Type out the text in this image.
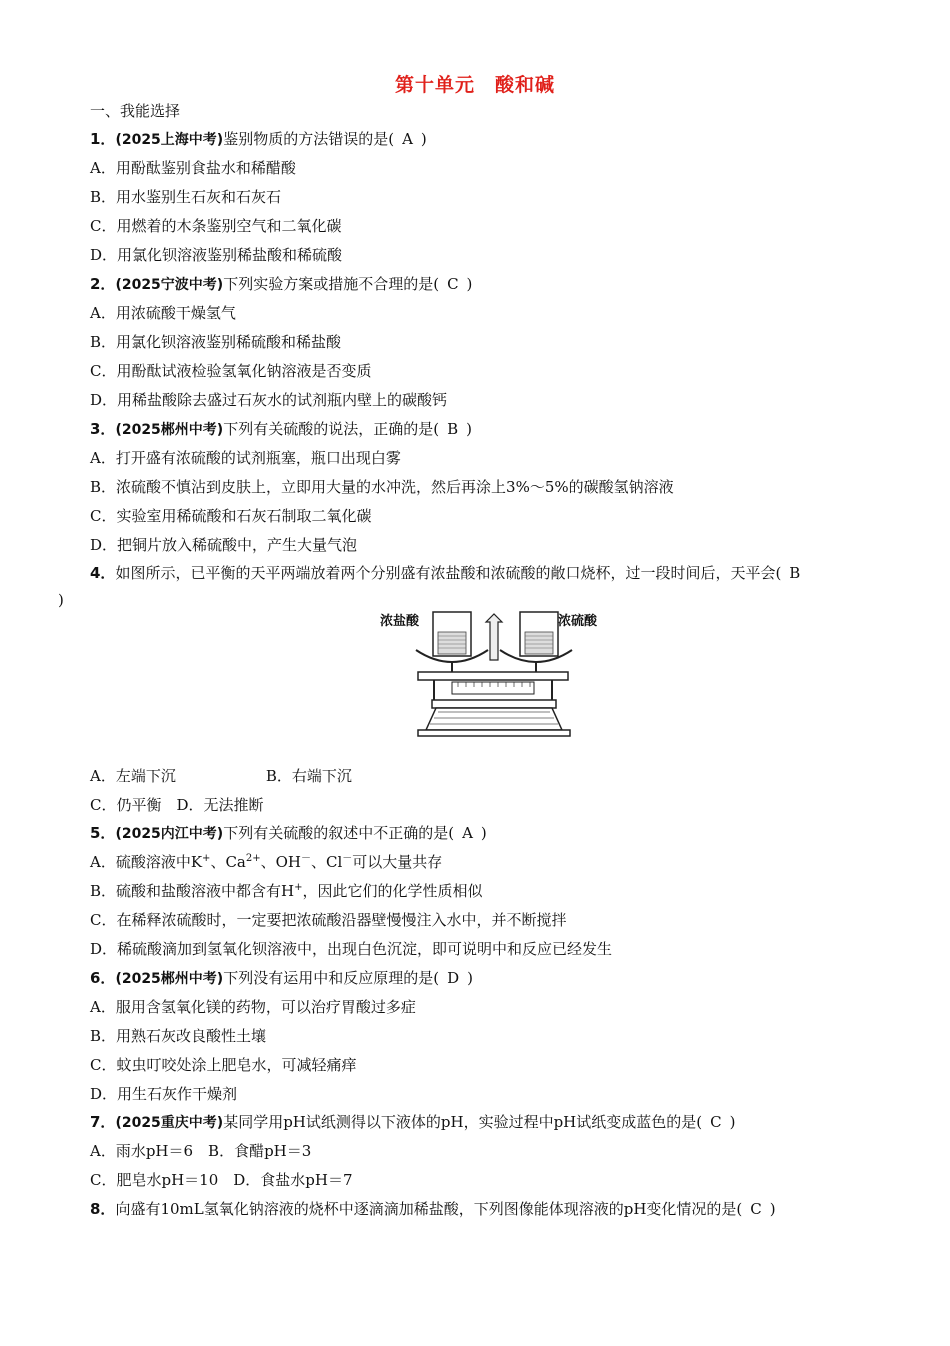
第十单元　酸和碱
一、我能选择
1．(2025上海中考)鉴别物质的方法错误的是( A )
A．用酚酞鉴别食盐水和稀醋酸
B．用水鉴别生石灰和石灰石
C．用燃着的木条鉴别空气和二氧化碳
D．用氯化钡溶液鉴别稀盐酸和稀硫酸
2．(2025宁波中考)下列实验方案或措施不合理的是( C )
A．用浓硫酸干燥氢气
B．用氯化钡溶液鉴别稀硫酸和稀盐酸
C．用酚酞试液检验氢氧化钠溶液是否变质
D．用稀盐酸除去盛过石灰水的试剂瓶内壁上的碳酸钙
3．(2025郴州中考)下列有关硫酸的说法，正确的是( B )
A．打开盛有浓硫酸的试剂瓶塞，瓶口出现白雾
B．浓硫酸不慎沾到皮肤上，立即用大量的水冲洗，然后再涂上3%～5%的碳酸氢钠溶液
C．实验室用稀硫酸和石灰石制取二氧化碳
D．把铜片放入稀硫酸中，产生大量气泡
4．如图所示，已平衡的天平两端放着两个分别盛有浓盐酸和浓硫酸的敞口烧杯，过一段时间后，天平会( B
)
浓盐酸	浓硫酸
A．左端下沉	B．右端下沉
C．仍平衡　D．无法推断
5．(2025内江中考)下列有关硫酸的叙述中不正确的是( A )
A．硫酸溶液中K+、$Ca^{2+}$、OH－、Cl－可以大量共存
B．硫酸和盐酸溶液中都含有H+，因此它们的化学性质相似
C．在稀释浓硫酸时，一定要把浓硫酸沿器壁慢慢注入水中，并不断搅拌
D．稀硫酸滴加到氢氧化钡溶液中，出现白色沉淀，即可说明中和反应已经发生
6．(2025郴州中考)下列没有运用中和反应原理的是( D )
A．服用含氢氧化镁的药物，可以治疗胃酸过多症
B．用熟石灰改良酸性土壤
C．蚊虫叮咬处涂上肥皂水，可减轻痛痒
D．用生石灰作干燥剂
7．(2025重庆中考)某同学用pH试纸测得以下液体的pH，实验过程中pH试纸变成蓝色的是( C )
A．雨水pH＝6　B．食醋pH＝3
C．肥皂水pH＝10　D．食盐水pH＝7
8．向盛有10mL氢氧化钠溶液的烧杯中逐滴滴加稀盐酸，下列图像能体现溶液的pH变化情况的是( C )
